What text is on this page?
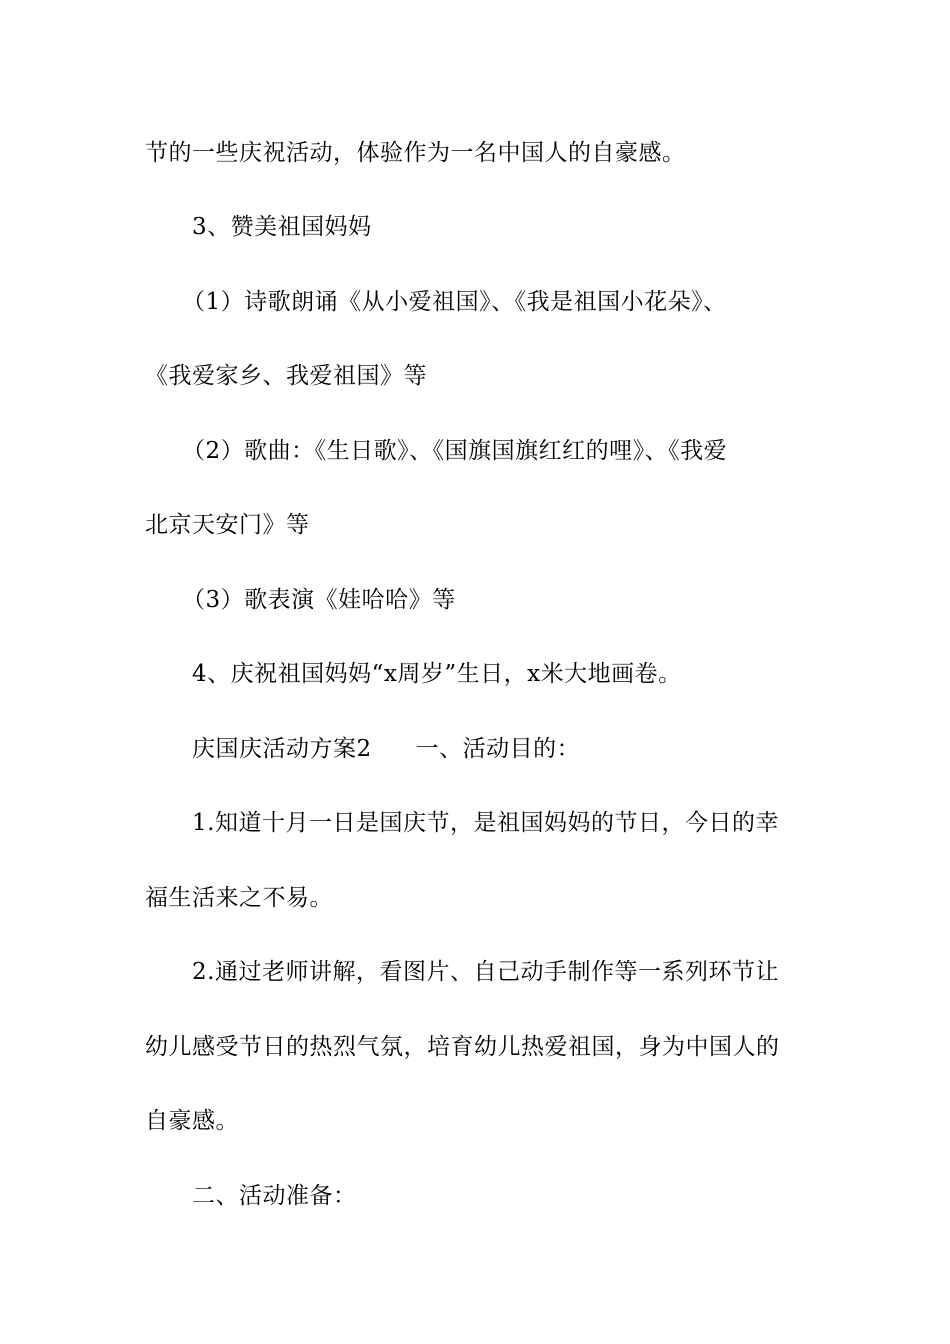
节的一些庆祝活动，体验作为一名中国人的自豪感。
3、赞美祖国妈妈
（1）诗歌朗诵《从小爱祖国》、《我是祖国小花朵》、
《我爱家乡、我爱祖国》等
（2）歌曲：《生日歌》、《国旗国旗红红的哩》、《我爱
北京天安门》等
（3）歌表演《娃哈哈》等
4、庆祝祖国妈妈“x周岁”生日，x米大地画卷。
庆国庆活动方案2 一、活动目的：
1.知道十月一日是国庆节，是祖国妈妈的节日，今日的幸
福生活来之不易。
2.通过老师讲解，看图片、自己动手制作等一系列环节让
幼儿感受节日的热烈气氛，培育幼儿热爱祖国，身为中国人的
自豪感。
二、活动准备：
